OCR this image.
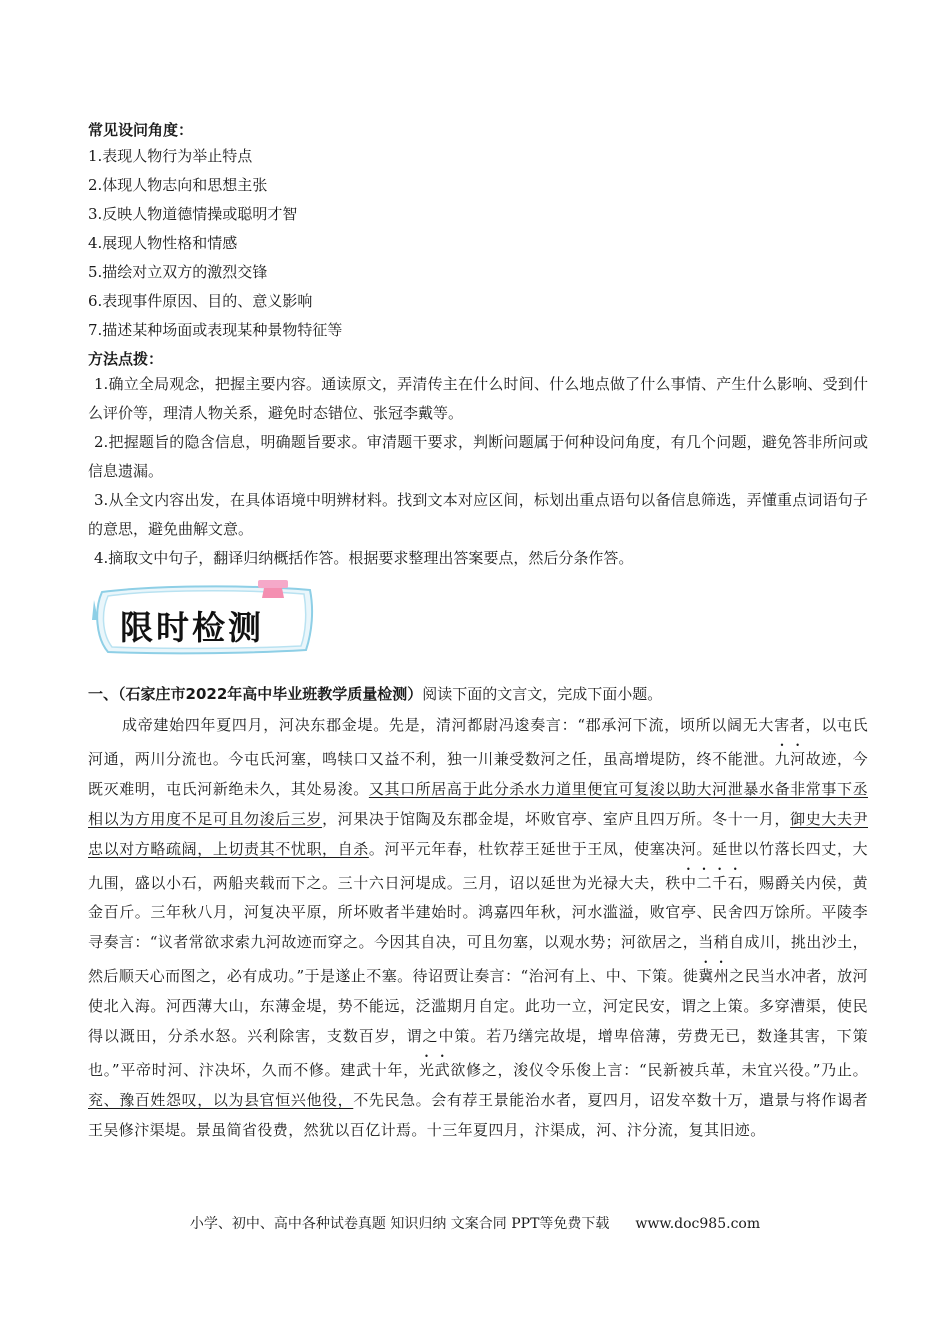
常见设问角度：
1.表现人物行为举止特点
2.体现人物志向和思想主张
3.反映人物道德情操或聪明才智
4.展现人物性格和情感
5.描绘对立双方的激烈交锋
6.表现事件原因、目的、意义影响
7.描述某种场面或表现某种景物特征等
方法点拨：
1.确立全局观念，把握主要内容。通读原文，弄清传主在什么时间、什么地点做了什么事情、产生什么影响、受到什么评价等，理清人物关系，避免时态错位、张冠李戴等。
2.把握题旨的隐含信息，明确题旨要求。审清题干要求，判断问题属于何种设问角度，有几个问题，避免答非所问或信息遗漏。
3.从全文内容出发，在具体语境中明辨材料。找到文本对应区间，标划出重点语句以备信息筛选，弄懂重点词语句子的意思，避免曲解文意。
4.摘取文中句子，翻译归纳概括作答。根据要求整理出答案要点，然后分条作答。
限时检测
一、（石家庄市2022年高中毕业班教学质量检测）阅读下面的文言文，完成下面小题。
成帝建始四年夏四月，河决东郡金堤。先是，清河都尉冯逡奏言：“郡承河下流，顷所以阔无大害者，以屯氏河通，两川分流也。今屯氏河塞，鸣犊口又益不利，独一川兼受数河之任，虽高增堤防，终不能泄。九河故迹，今既灭难明，屯氏河新绝未久，其处易浚。又其口所居高于此分杀水力道里便宜可复浚以助大河泄暴水备非常事下丞相以为方用度不足可且勿浚后三岁，河果决于馆陶及东郡金堤，坏败官亭、室庐且四万所。冬十一月，御史大夫尹忠以对方略疏阔，上切责其不忧职，自杀。河平元年春，杜钦荐王延世于王凤，使塞决河。延世以竹落长四丈，大九围，盛以小石，两船夹载而下之。三十六日河堤成。三月，诏以延世为光禄大夫，秩中二千石，赐爵关内侯，黄金百斤。三年秋八月，河复决平原，所坏败者半建始时。鸿嘉四年秋，河水滥溢，败官亭、民舍四万馀所。平陵李寻奏言：“议者常欲求索九河故迹而穿之。今因其自决，可且勿塞，以观水势；河欲居之，当稍自成川，挑出沙土，然后顺天心而图之，必有成功。”于是遂止不塞。待诏贾让奏言：“治河有上、中、下策。徙冀州之民当水冲者，放河使北入海。河西薄大山，东薄金堤，势不能远，泛滥期月自定。此功一立，河定民安，谓之上策。多穿漕渠，使民得以溉田，分杀水怒。兴利除害，支数百岁，谓之中策。若乃缮完故堤，增卑倍薄，劳费无已，数逢其害，下策也。”平帝时河、汴决坏，久而不修。建武十年，光武欲修之，浚仪令乐俊上言：“民新被兵革，未宜兴役。”乃止。兖、豫百姓怨叹，以为县官恒兴他役，不先民急。会有荐王景能治水者，夏四月，诏发卒数十万，遣景与将作谒者王吴修汴渠堤。景虽简省役费，然犹以百亿计焉。十三年夏四月，汴渠成，河、汴分流，复其旧迹。
小学、初中、高中各种试卷真题 知识归纳 文案合同 PPT等免费下载 www.doc985.com
